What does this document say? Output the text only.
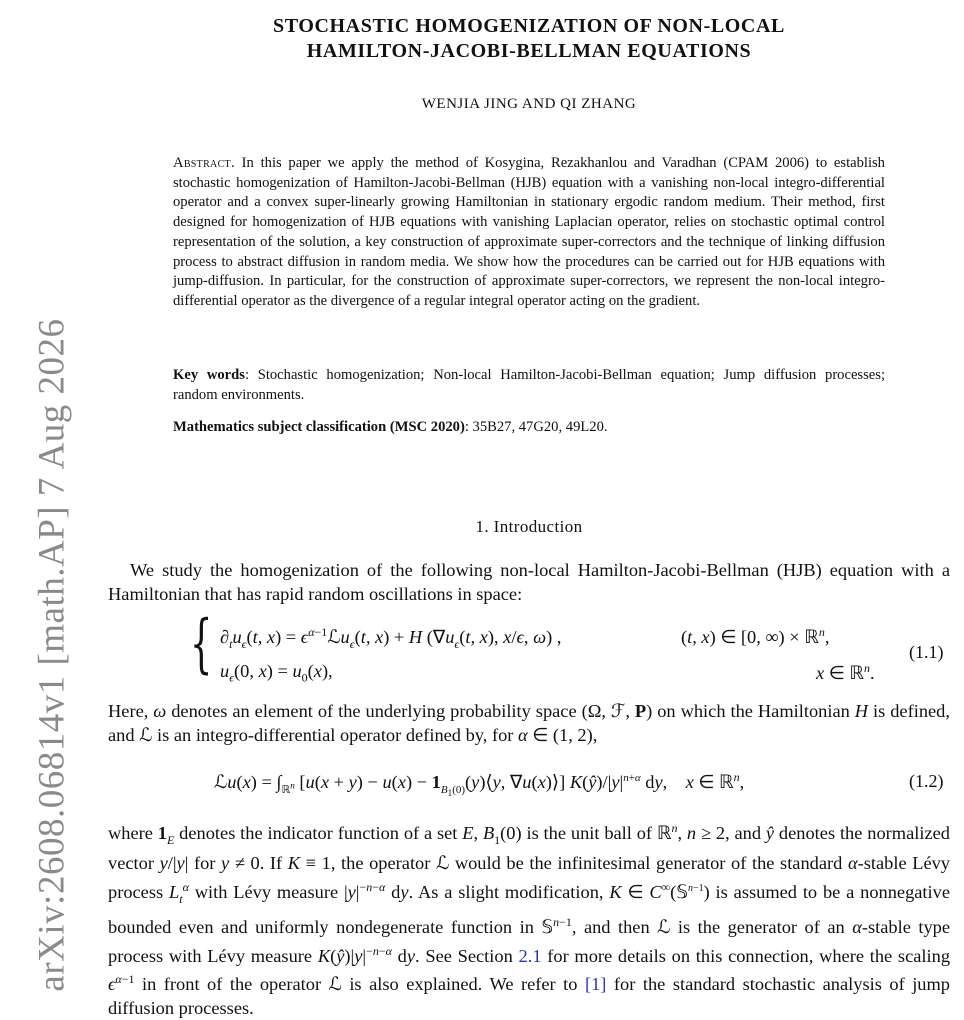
arXiv:2608.06814v1 [math.AP] 7 Aug 2026
STOCHASTIC HOMOGENIZATION OF NON-LOCAL
HAMILTON-JACOBI-BELLMAN EQUATIONS
WENJIA JING AND QI ZHANG
Abstract. In this paper we apply the method of Kosygina, Rezakhanlou and Varadhan (CPAM 2006) to establish stochastic homogenization of Hamilton-Jacobi-Bellman (HJB) equation with a vanishing non-local integro-differential operator and a convex super-linearly growing Hamiltonian in stationary ergodic random medium. Their method, first designed for homogenization of HJB equations with vanishing Laplacian operator, relies on stochastic optimal control representation of the solution, a key construction of approximate super-correctors and the technique of linking diffusion process to abstract diffusion in random media. We show how the procedures can be carried out for HJB equations with jump-diffusion. In particular, for the construction of approximate super-correctors, we represent the non-local integro-differential operator as the divergence of a regular integral operator acting on the gradient.
Key words: Stochastic homogenization; Non-local Hamilton-Jacobi-Bellman equation; Jump diffusion processes; random environments.
Mathematics subject classification (MSC 2020): 35B27, 47G20, 49L20.
1. Introduction
We study the homogenization of the following non-local Hamilton-Jacobi-Bellman (HJB) equation with a Hamiltonian that has rapid random oscillations in space:
{ $\partial_tu_\epsilon(t$, $x) = \epsilon^{\alpha-1}ℒu_\epsilon(t$, x) + H ($\nabla u_\epsilon(t$, x), x/ϵ, ω) ,	(t, x) ∈ [0, ∞) × ℝ$^n$,
$u_\epsilon(0$, $x) = u_0(x)$,	x ∈ ℝ$^n$.
(1.1)
Here, ω denotes an element of the underlying probability space (Ω, ℱ, P) on which the Hamiltonian H is defined, and ℒ is an integro-differential operator defined by, for α ∈ (1, 2),
ℒu(x) = $\int_{ℝ^n}$ [$u(x + y) - u(x) - 1_{B_1(0)}(y)⟨y$, ∇u(x)⟩] $K(ŷ)/|y|^{n+\alpha}$ dy,    x ∈ ℝ$^n$,	(1.2)
where $1_E$ denotes the indicator function of a set E, $B_1(0)$ is the unit ball of ℝ$^n$, n ≥ 2, and ŷ denotes the normalized vector y/|y| for y ≠ 0. If K ≡ 1, the operator ℒ would be the infinitesimal generator of the standard α-stable Lévy process $L_t^\alpha$ with Lévy measure $|y|^{-n-\alpha}$ dy. As a slight modification, K ∈ C∞(𝕊$^{n-1}$) is assumed to be a nonnegative bounded even and uniformly nondegenerate function in 𝕊$^{n-1}$, and then ℒ is the generator of an α-stable type process with Lévy measure $K(ŷ)|y|^{-n-\alpha}$ dy. See Section 2.1 for more details on this connection, where the scaling $\epsilon^{\alpha-1}$ in front of the operator ℒ is also explained. We refer to [1] for the standard stochastic analysis of jump diffusion processes.
